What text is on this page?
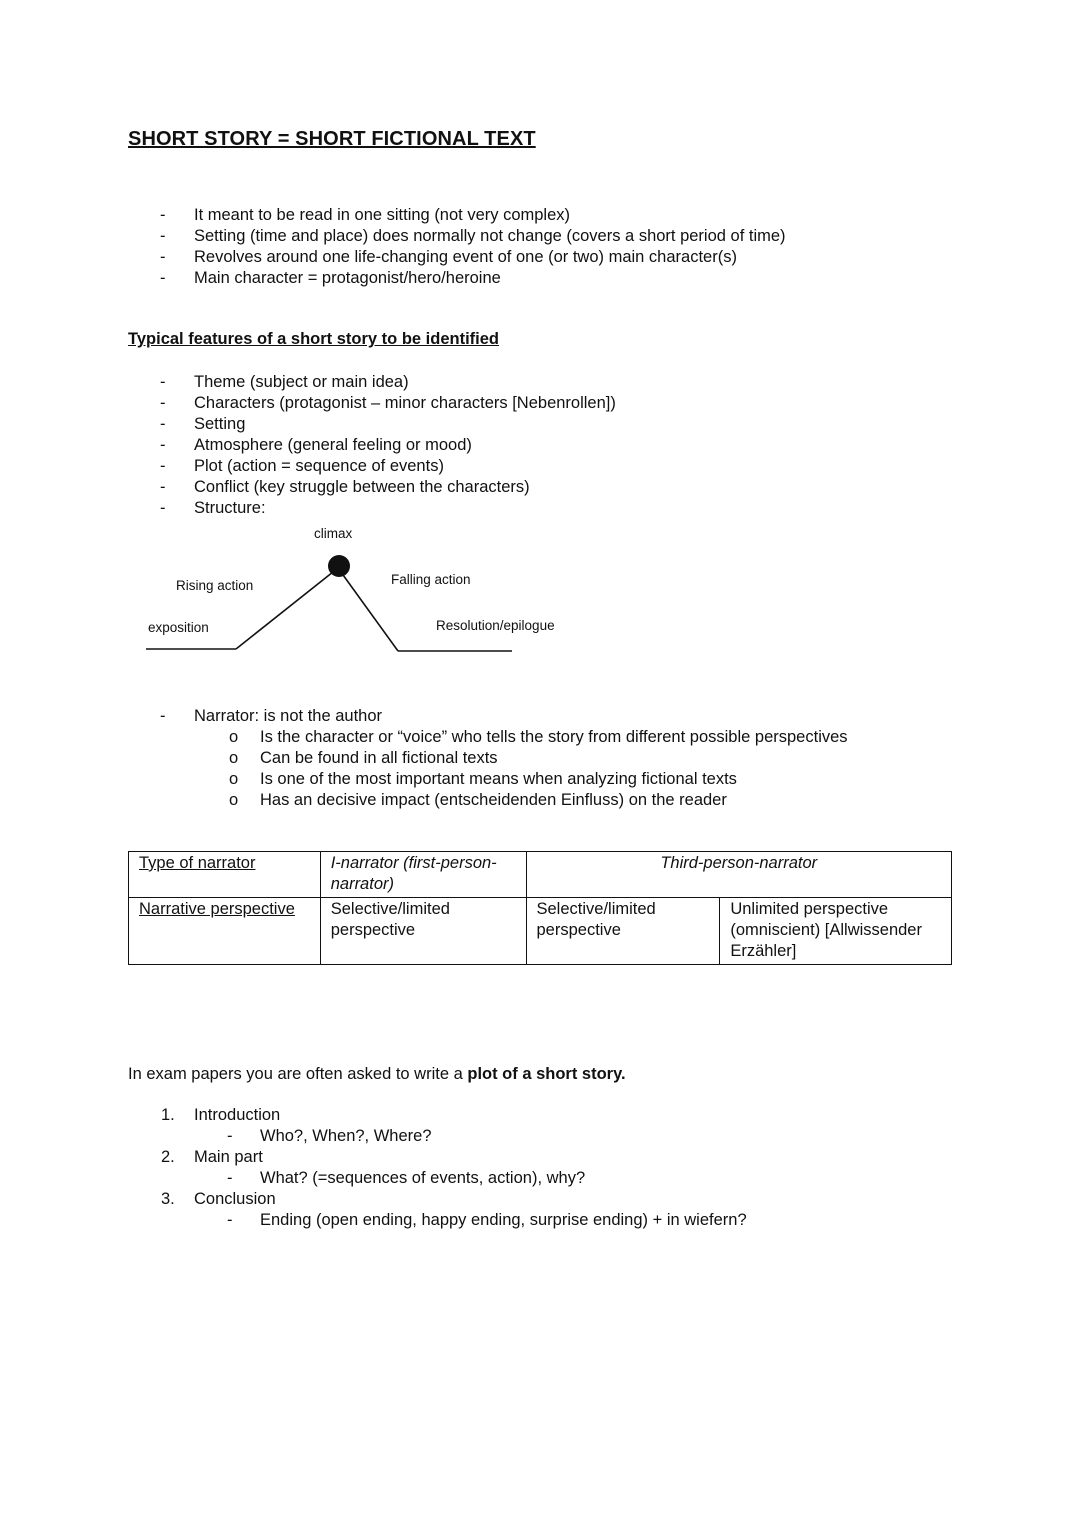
SHORT STORY = SHORT FICTIONAL TEXT
- It meant to be read in one sitting (not very complex)
- Setting (time and place) does normally not change (covers a short period of time)
- Revolves around one life-changing event of one (or two) main character(s)
- Main character = protagonist/hero/heroine
Typical features of a short story to be identified
- Theme (subject or main idea)
- Characters (protagonist – minor characters [Nebenrollen])
- Setting
- Atmosphere (general feeling or mood)
- Plot (action = sequence of events)
- Conflict (key struggle between the characters)
- Structure:
climax
Rising action	Falling action
exposition	Resolution/epilogue
- Narrator: is not the author
o Is the character or “voice” who tells the story from different possible perspectives
o Can be found in all fictional texts
o Is one of the most important means when analyzing fictional texts
o Has an decisive impact (entscheidenden Einfluss) on the reader
Type of narrator	I-narrator (first-person-narrator)	Third-person-narrator	
Narrative perspective	Selective/limited perspective	Selective/limited perspective	Unlimited perspective (omniscient) [Allwissender Erzähler]
In exam papers you are often asked to write a plot of a short story.
1. Introduction
- Who?, When?, Where?
2. Main part
- What? (=sequences of events, action), why?
3. Conclusion
- Ending (open ending, happy ending, surprise ending) + in wiefern?
